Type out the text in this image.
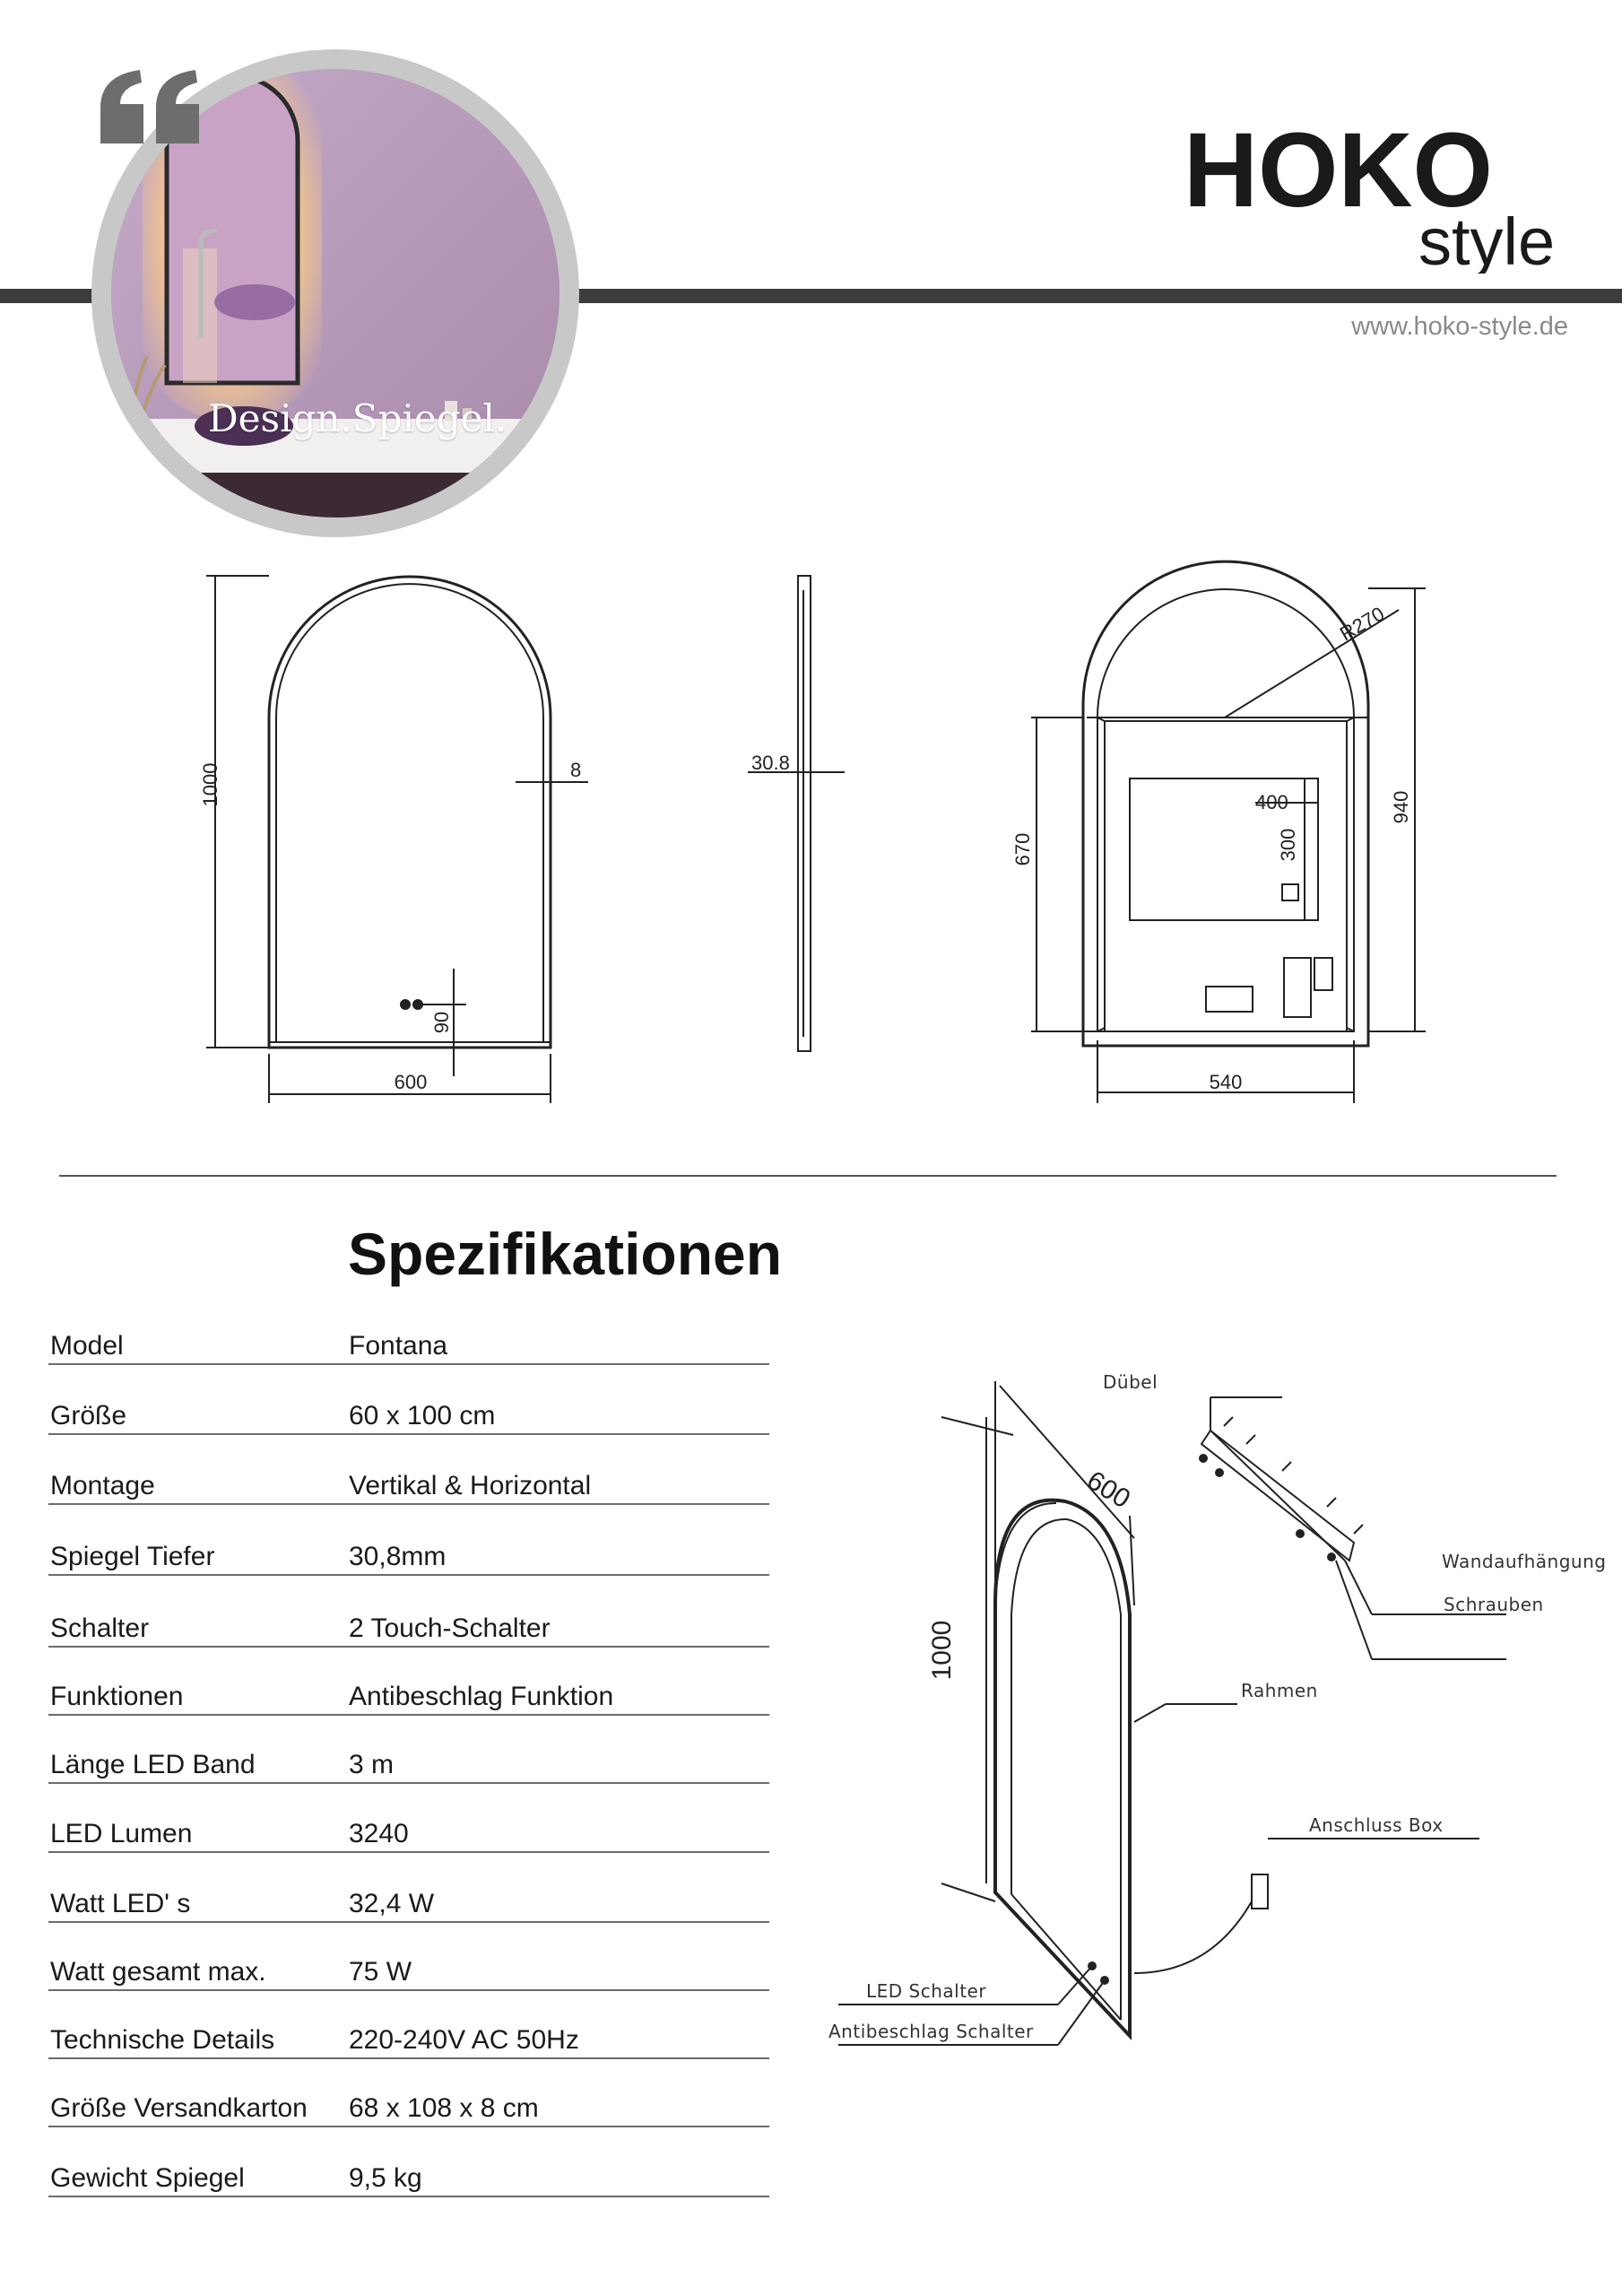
Design.Spiegel.
HOKO
style
www.hoko-style.de
1000	8
90
600
30.8
R270
670
400
300
940
540
Spezifikationen
Model	Fontana
Größe	60 x 100 cm
Montage	Vertikal & Horizontal
Spiegel Tiefer	30,8mm
Schalter	2 Touch-Schalter
Funktionen	Antibeschlag Funktion
Länge LED Band	3 m
LED Lumen	3240
Watt LED' s	32,4 W
Watt gesamt max.	75 W
Technische Details	220-240V AC 50Hz
Größe Versandkarton 68 x 108 x 8 cm
Gewicht Spiegel	9,5 kg
Dübel
600
1000
Wandaufhängung
Schrauben
Rahmen
Anschluss Box
LED Schalter
Antibeschlag Schalter
